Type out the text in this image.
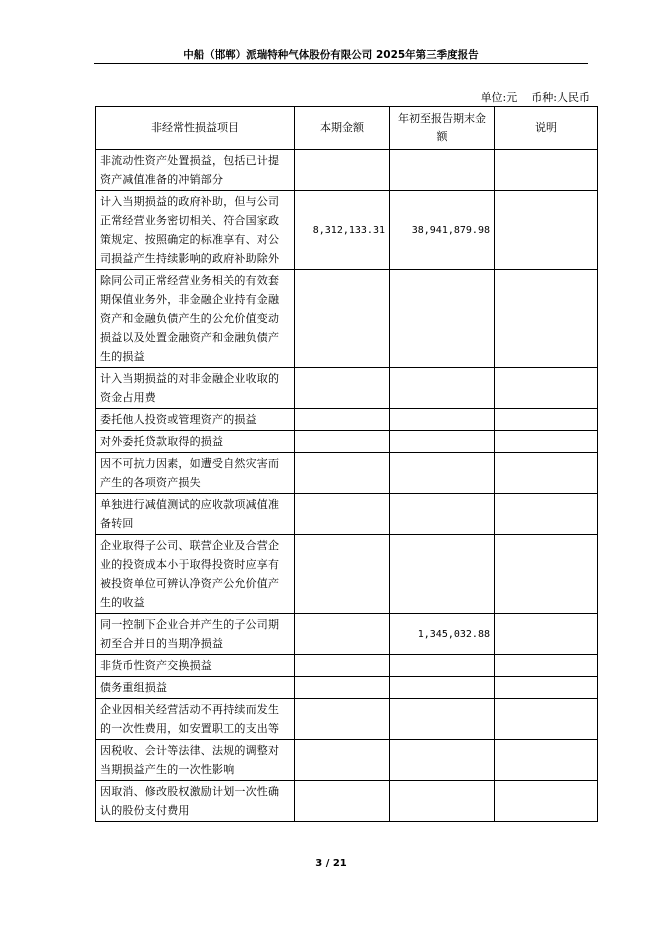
中船（邯郸）派瑞特种气体股份有限公司 2025年第三季度报告
单位:元 币种:人民币
非经常性损益项目	本期金额	年初至报告期末金额	说明
非流动性资产处置损益，包括已计提资产减值准备的冲销部分			
计入当期损益的政府补助，但与公司正常经营业务密切相关、符合国家政策规定、按照确定的标准享有、对公司损益产生持续影响的政府补助除外	8,312,133.31	38,941,879.98	
除同公司正常经营业务相关的有效套期保值业务外，非金融企业持有金融资产和金融负债产生的公允价值变动损益以及处置金融资产和金融负债产生的损益			
计入当期损益的对非金融企业收取的资金占用费			
委托他人投资或管理资产的损益			
对外委托贷款取得的损益			
因不可抗力因素，如遭受自然灾害而产生的各项资产损失			
单独进行减值测试的应收款项减值准备转回			
企业取得子公司、联营企业及合营企业的投资成本小于取得投资时应享有被投资单位可辨认净资产公允价值产生的收益			
同一控制下企业合并产生的子公司期初至合并日的当期净损益		1,345,032.88	
非货币性资产交换损益			
债务重组损益			
企业因相关经营活动不再持续而发生的一次性费用，如安置职工的支出等			
因税收、会计等法律、法规的调整对当期损益产生的一次性影响			
因取消、修改股权激励计划一次性确认的股份支付费用			
3 / 21
